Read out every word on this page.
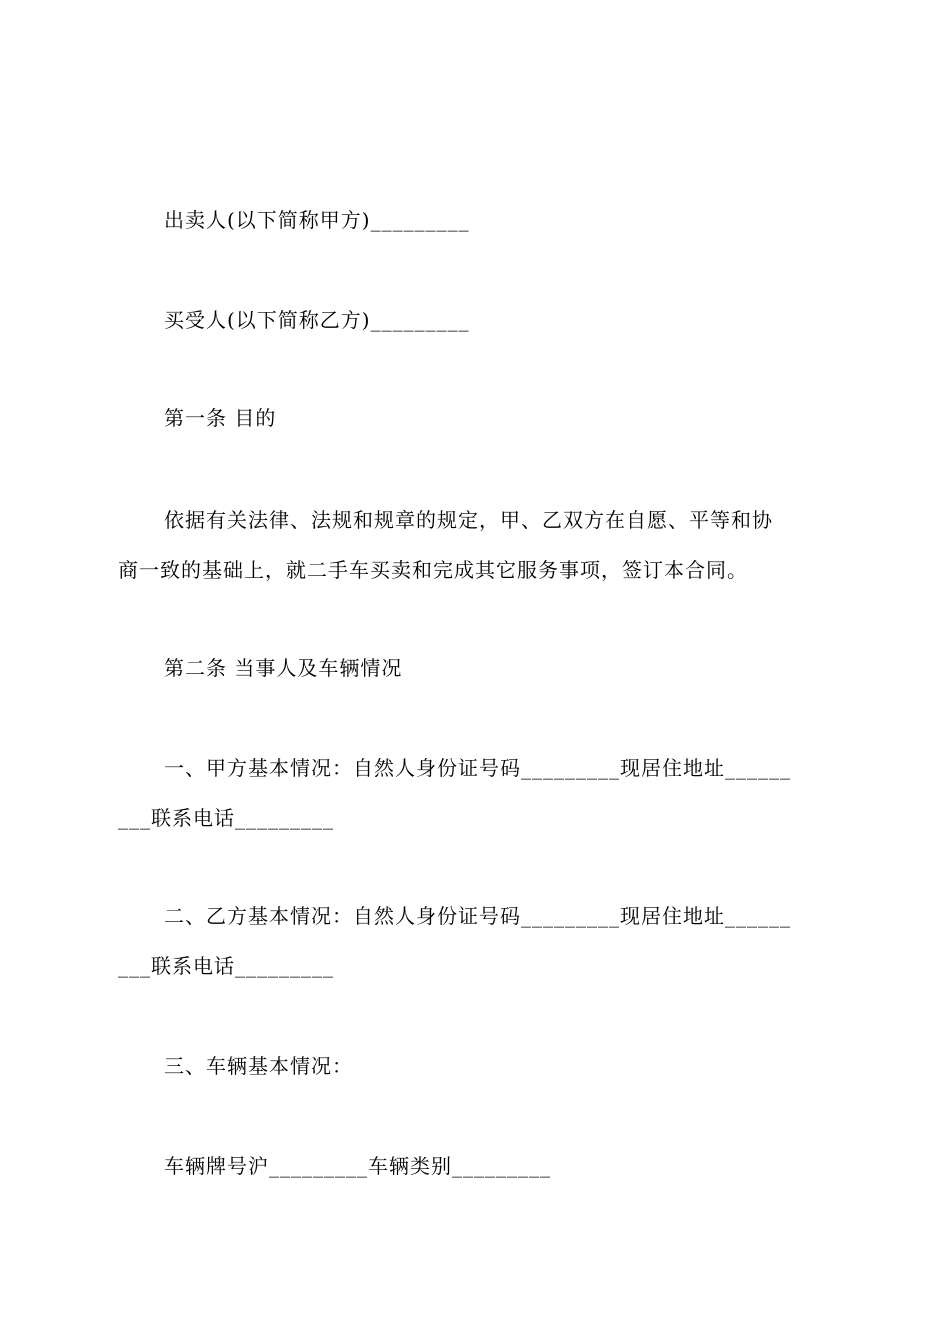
出卖人(以下简称甲方)_________

买受人(以下简称乙方)_________

第一条 目的

依据有关法律、法规和规章的规定，甲、乙双方在自愿、平等和协

商一致的基础上，就二手车买卖和完成其它服务事项，签订本合同。

第二条 当事人及车辆情况

一、甲方基本情况：自然人身份证号码_________现居住地址______

___联系电话_________

二、乙方基本情况：自然人身份证号码_________现居住地址______

___联系电话_________

三、车辆基本情况：

车辆牌号沪_________车辆类别_________
